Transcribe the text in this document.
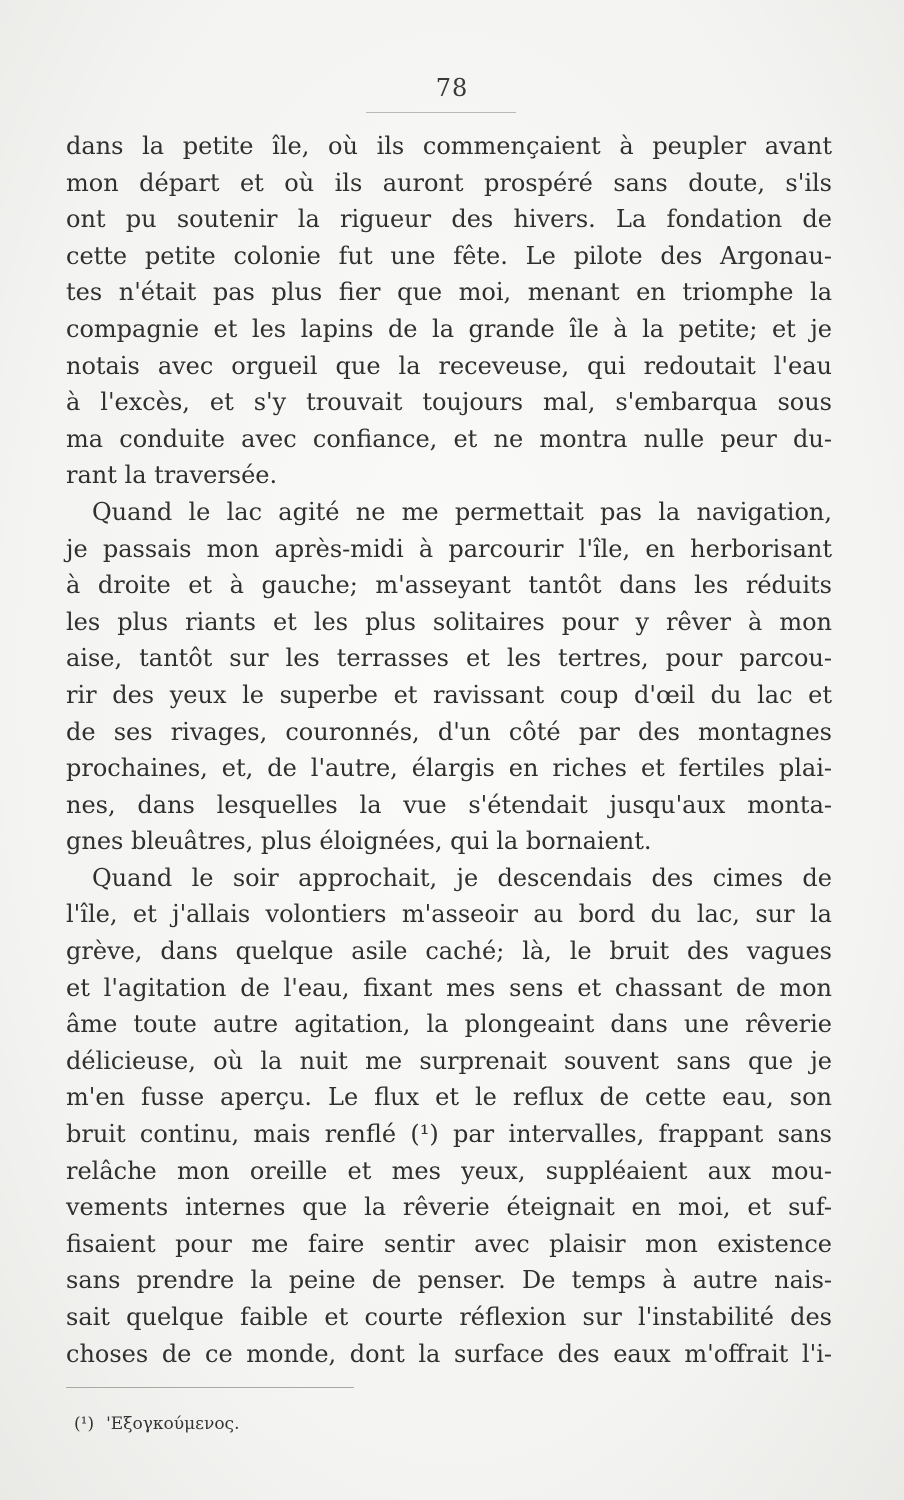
78
dans la petite île, où ils commençaient à peupler avant
mon départ et où ils auront prospéré sans doute, s'ils
ont pu soutenir la rigueur des hivers. La fondation de
cette petite colonie fut une fête. Le pilote des Argonau-
tes n'était pas plus fier que moi, menant en triomphe la
compagnie et les lapins de la grande île à la petite; et je
notais avec orgueil que la receveuse, qui redoutait l'eau
à l'excès, et s'y trouvait toujours mal, s'embarqua sous
ma conduite avec confiance, et ne montra nulle peur du-
rant la traversée.
Quand le lac agité ne me permettait pas la navigation,
je passais mon après-midi à parcourir l'île, en herborisant
à droite et à gauche; m'asseyant tantôt dans les réduits
les plus riants et les plus solitaires pour y rêver à mon
aise, tantôt sur les terrasses et les tertres, pour parcou-
rir des yeux le superbe et ravissant coup d'œil du lac et
de ses rivages, couronnés, d'un côté par des montagnes
prochaines, et, de l'autre, élargis en riches et fertiles plai-
nes, dans lesquelles la vue s'étendait jusqu'aux monta-
gnes bleuâtres, plus éloignées, qui la bornaient.
Quand le soir approchait, je descendais des cimes de
l'île, et j'allais volontiers m'asseoir au bord du lac, sur la
grève, dans quelque asile caché; là, le bruit des vagues
et l'agitation de l'eau, fixant mes sens et chassant de mon
âme toute autre agitation, la plongeaint dans une rêverie
délicieuse, où la nuit me surprenait souvent sans que je
m'en fusse aperçu. Le flux et le reflux de cette eau, son
bruit continu, mais renflé (¹) par intervalles, frappant sans
relâche mon oreille et mes yeux, suppléaient aux mou-
vements internes que la rêverie éteignait en moi, et suf-
fisaient pour me faire sentir avec plaisir mon existence
sans prendre la peine de penser. De temps à autre nais-
sait quelque faible et courte réflexion sur l'instabilité des
choses de ce monde, dont la surface des eaux m'offrait l'i-
(¹) 'Εξογκούμενος.
